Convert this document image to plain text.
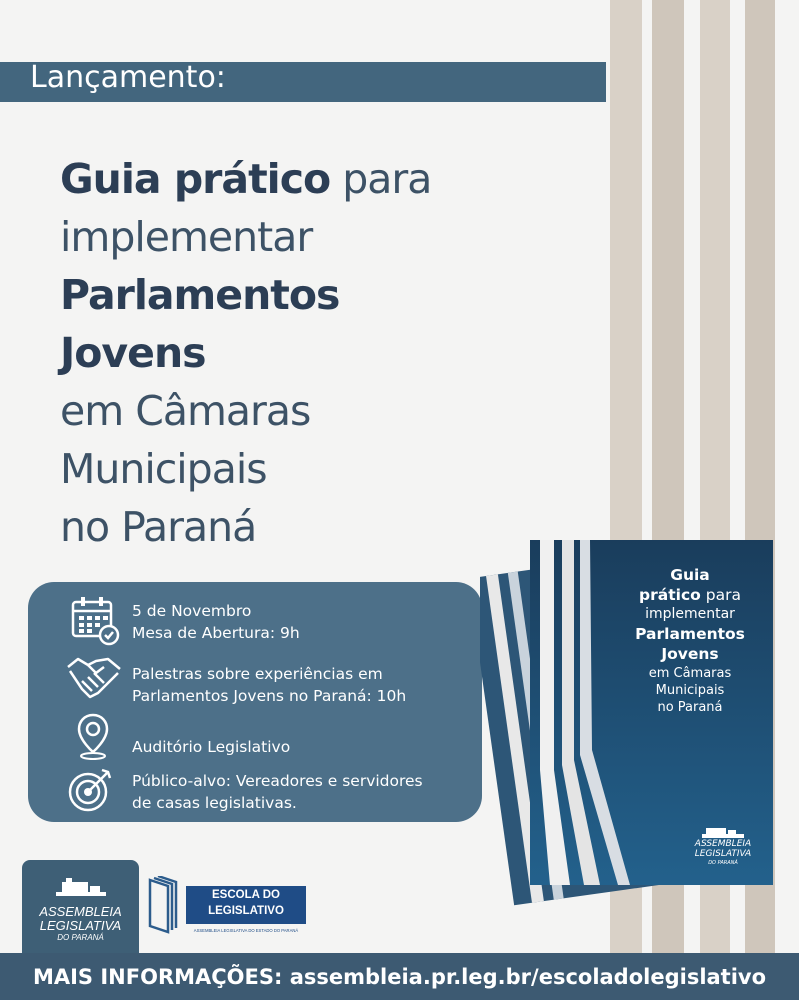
Lançamento:
Guia prático para
implementar
Parlamentos
Jovens
em Câmaras
Municipais
no Paraná
5 de Novembro
Mesa de Abertura: 9h
Palestras sobre experiências em
Parlamentos Jovens no Paraná: 10h
Auditório Legislativo
Público-alvo: Vereadores e servidores
de casas legislativas.
Guia
prático para
implementar
Parlamentos
Jovens
em Câmaras
Municipais
no Paraná
ASSEMBLEIA
LEGISLATIVA
DO PARANÁ
ASSEMBLEIA
LEGISLATIVA
DO PARANÁ
ESCOLA DO
LEGISLATIVO
ASSEMBLEIA LEGISLATIVA DO ESTADO DO PARANÁ
MAIS INFORMAÇÕES: assembleia.pr.leg.br/escoladolegislativo
